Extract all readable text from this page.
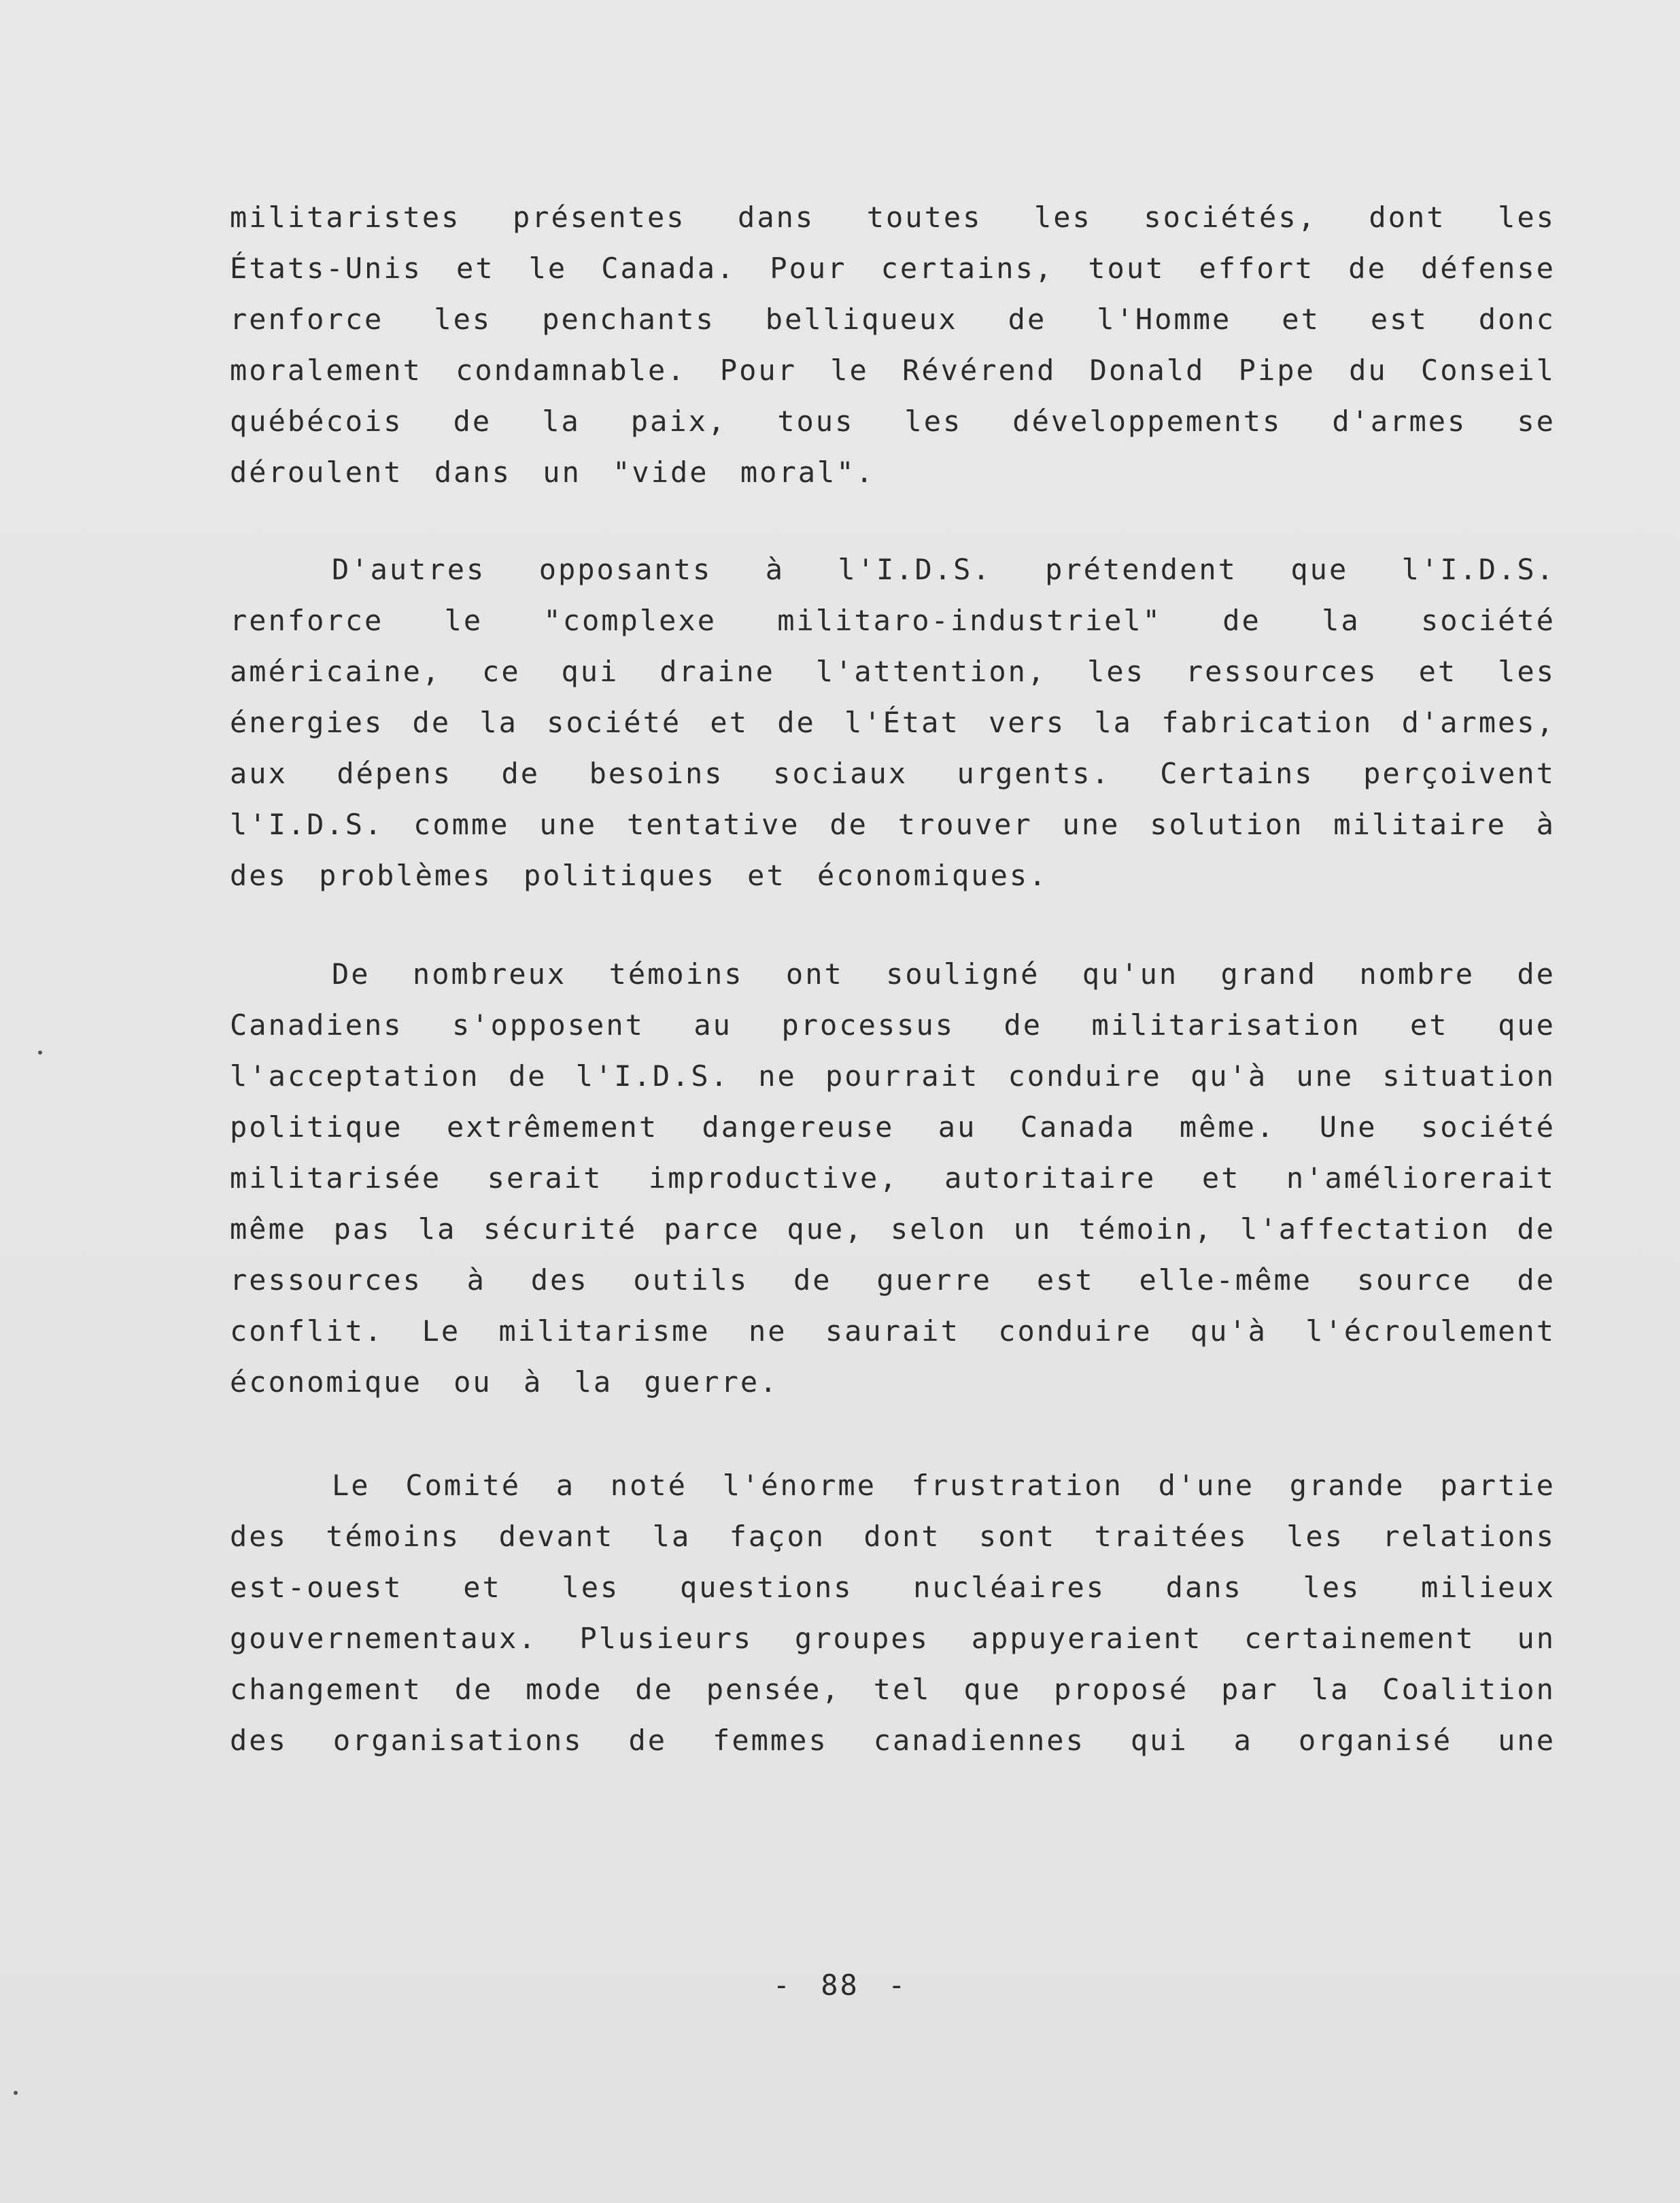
militaristes présentes dans toutes les sociétés, dont les
États-Unis et le Canada. Pour certains, tout effort de défense
renforce les penchants belliqueux de l'Homme et est donc
moralement condamnable. Pour le Révérend Donald Pipe du Conseil
québécois de la paix, tous les développements d'armes se
déroulent dans un "vide moral".
D'autres opposants à l'I.D.S. prétendent que l'I.D.S.
renforce le "complexe militaro-industriel" de la société
américaine, ce qui draine l'attention, les ressources et les
énergies de la société et de l'État vers la fabrication d'armes,
aux dépens de besoins sociaux urgents. Certains perçoivent
l'I.D.S. comme une tentative de trouver une solution militaire à
des problèmes politiques et économiques.
De nombreux témoins ont souligné qu'un grand nombre de
Canadiens s'opposent au processus de militarisation et que
l'acceptation de l'I.D.S. ne pourrait conduire qu'à une situation
politique extrêmement dangereuse au Canada même. Une société
militarisée serait improductive, autoritaire et n'améliorerait
même pas la sécurité parce que, selon un témoin, l'affectation de
ressources à des outils de guerre est elle-même source de
conflit. Le militarisme ne saurait conduire qu'à l'écroulement
économique ou à la guerre.
Le Comité a noté l'énorme frustration d'une grande partie
des témoins devant la façon dont sont traitées les relations
est-ouest et les questions nucléaires dans les milieux
gouvernementaux. Plusieurs groupes appuyeraient certainement un
changement de mode de pensée, tel que proposé par la Coalition
des organisations de femmes canadiennes qui a organisé une
- 88 -
